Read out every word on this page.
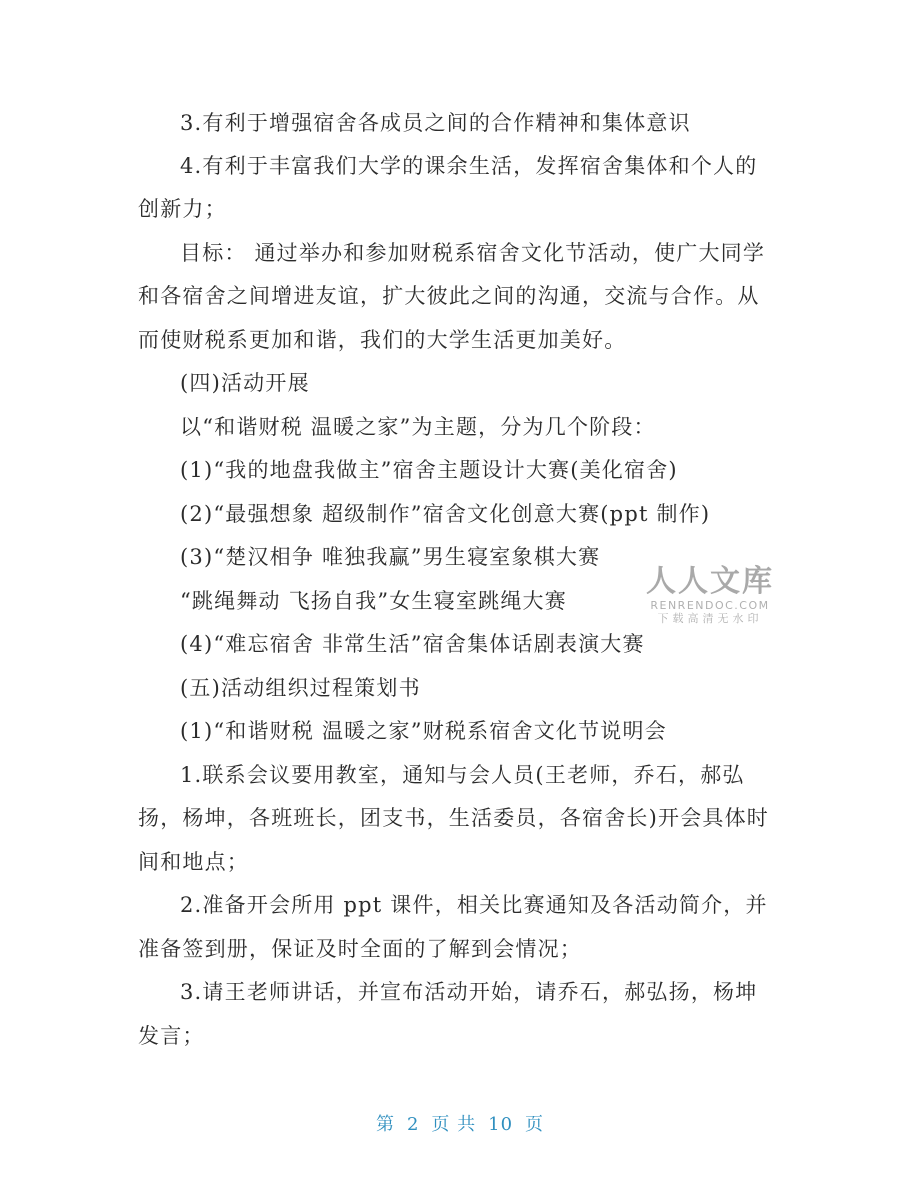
3.有利于增强宿舍各成员之间的合作精神和集体意识
4.有利于丰富我们大学的课余生活，发挥宿舍集体和个人的
创新力；
目标： 通过举办和参加财税系宿舍文化节活动，使广大同学
和各宿舍之间增进友谊，扩大彼此之间的沟通，交流与合作。从
而使财税系更加和谐，我们的大学生活更加美好。
(四)活动开展
以“和谐财税 温暖之家”为主题，分为几个阶段：
(1)“我的地盘我做主”宿舍主题设计大赛(美化宿舍)
(2)“最强想象 超级制作”宿舍文化创意大赛(ppt 制作)
(3)“楚汉相争 唯独我赢”男生寝室象棋大赛
“跳绳舞动 飞扬自我”女生寝室跳绳大赛
(4)“难忘宿舍 非常生活”宿舍集体话剧表演大赛
(五)活动组织过程策划书
(1)“和谐财税 温暖之家”财税系宿舍文化节说明会
1.联系会议要用教室，通知与会人员(王老师，乔石，郝弘
扬，杨坤，各班班长，团支书，生活委员，各宿舍长)开会具体时
间和地点；
2.准备开会所用 ppt 课件，相关比赛通知及各活动简介，并
准备签到册，保证及时全面的了解到会情况；
3.请王老师讲话，并宣布活动开始，请乔石，郝弘扬，杨坤
发言；
人人文库
RENRENDOC.COM
下载高清无水印
第 2 页 共 10 页
